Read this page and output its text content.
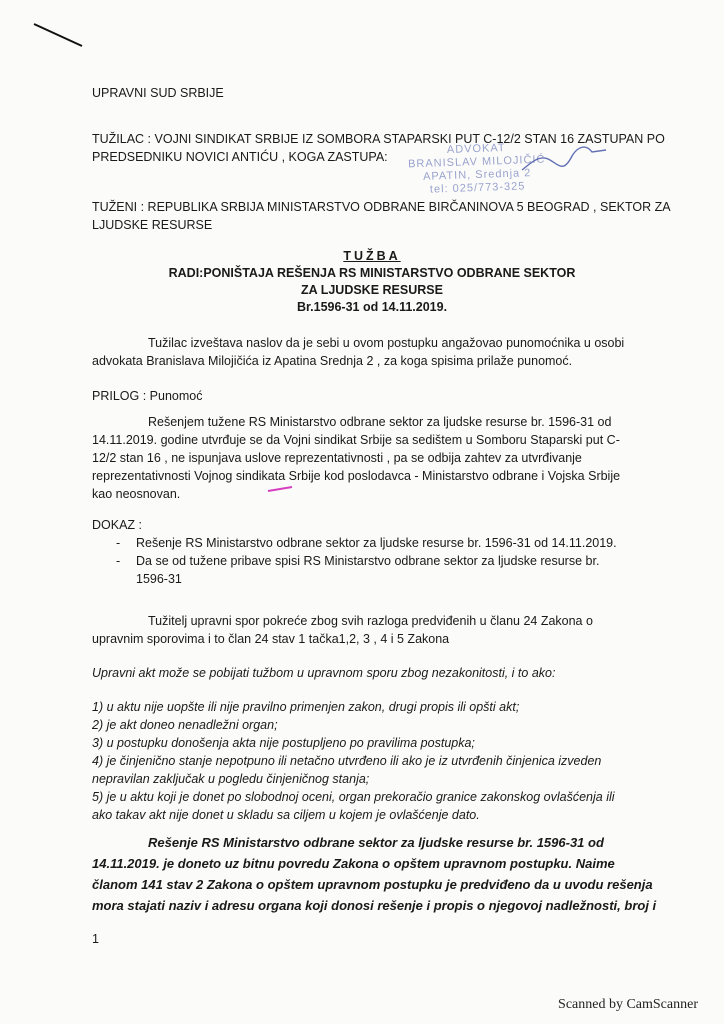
UPRAVNI SUD SRBIJE
TUŽILAC : VOJNI SINDIKAT SRBIJE IZ SOMBORA STAPARSKI PUT C-12/2 STAN 16 ZASTUPAN PO
PREDSEDNIKU NOVICI ANTIĆU , KOGA ZASTUPA:
ADVOKAT
BRANISLAV MILOJIČIĆ
APATIN, Srednja 2
tel: 025/773-325
TUŽENI : REPUBLIKA SRBIJA MINISTARSTVO ODBRANE BIRČANINOVA 5 BEOGRAD , SEKTOR ZA
LJUDSKE RESURSE
TUŽBA
RADI:PONIŠTAJA REŠENJA RS MINISTARSTVO ODBRANE SEKTOR
ZA LJUDSKE RESURSE
Br.1596-31 od 14.11.2019.
Tužilac izveštava naslov da je sebi u ovom postupku angažovao punomoćnika u osobi
advokata Branislava Milojičića iz Apatina Srednja 2 , za koga spisima prilaže punomoć.
PRILOG : Punomoć
Rešenjem tužene RS Ministarstvo odbrane sektor za ljudske resurse br. 1596-31 od
14.11.2019. godine utvrđuje se da Vojni sindikat Srbije sa sedištem u Somboru Staparski put C-
12/2 stan 16 , ne ispunjava uslove reprezentativnosti , pa se odbija zahtev za utvrđivanje
reprezentativnosti Vojnog sindikata Srbije kod poslodavca - Ministarstvo odbrane i Vojska Srbije
kao neosnovan.
DOKAZ :
- Rešenje RS Ministarstvo odbrane sektor za ljudske resurse br. 1596-31 od 14.11.2019.
- Da se od tužene pribave spisi RS Ministarstvo odbrane sektor za ljudske resurse br.
1596-31
Tužitelj upravni spor pokreće zbog svih razloga predviđenih u članu 24 Zakona o
upravnim sporovima i to član 24 stav 1 tačka1,2, 3 , 4 i 5 Zakona
Upravni akt može se pobijati tužbom u upravnom sporu zbog nezakonitosti, i to ako:
1) u aktu nije uopšte ili nije pravilno primenjen zakon, drugi propis ili opšti akt;
2) je akt doneo nenadležni organ;
3) u postupku donošenja akta nije postupljeno po pravilima postupka;
4) je činjenično stanje nepotpuno ili netačno utvrđeno ili ako je iz utvrđenih činjenica izveden
nepravilan zaključak u pogledu činjeničnog stanja;
5) je u aktu koji je donet po slobodnoj oceni, organ prekoračio granice zakonskog ovlašćenja ili
ako takav akt nije donet u skladu sa ciljem u kojem je ovlašćenje dato.
Rešenje RS Ministarstvo odbrane sektor za ljudske resurse br. 1596-31 od
14.11.2019. je doneto uz bitnu povredu Zakona o opštem upravnom postupku. Naime
članom 141 stav 2 Zakona o opštem upravnom postupku je predviđeno da u uvodu rešenja
mora stajati naziv i adresu organa koji donosi rešenje i propis o njegovoj nadležnosti, broj i
1
Scanned by CamScanner
